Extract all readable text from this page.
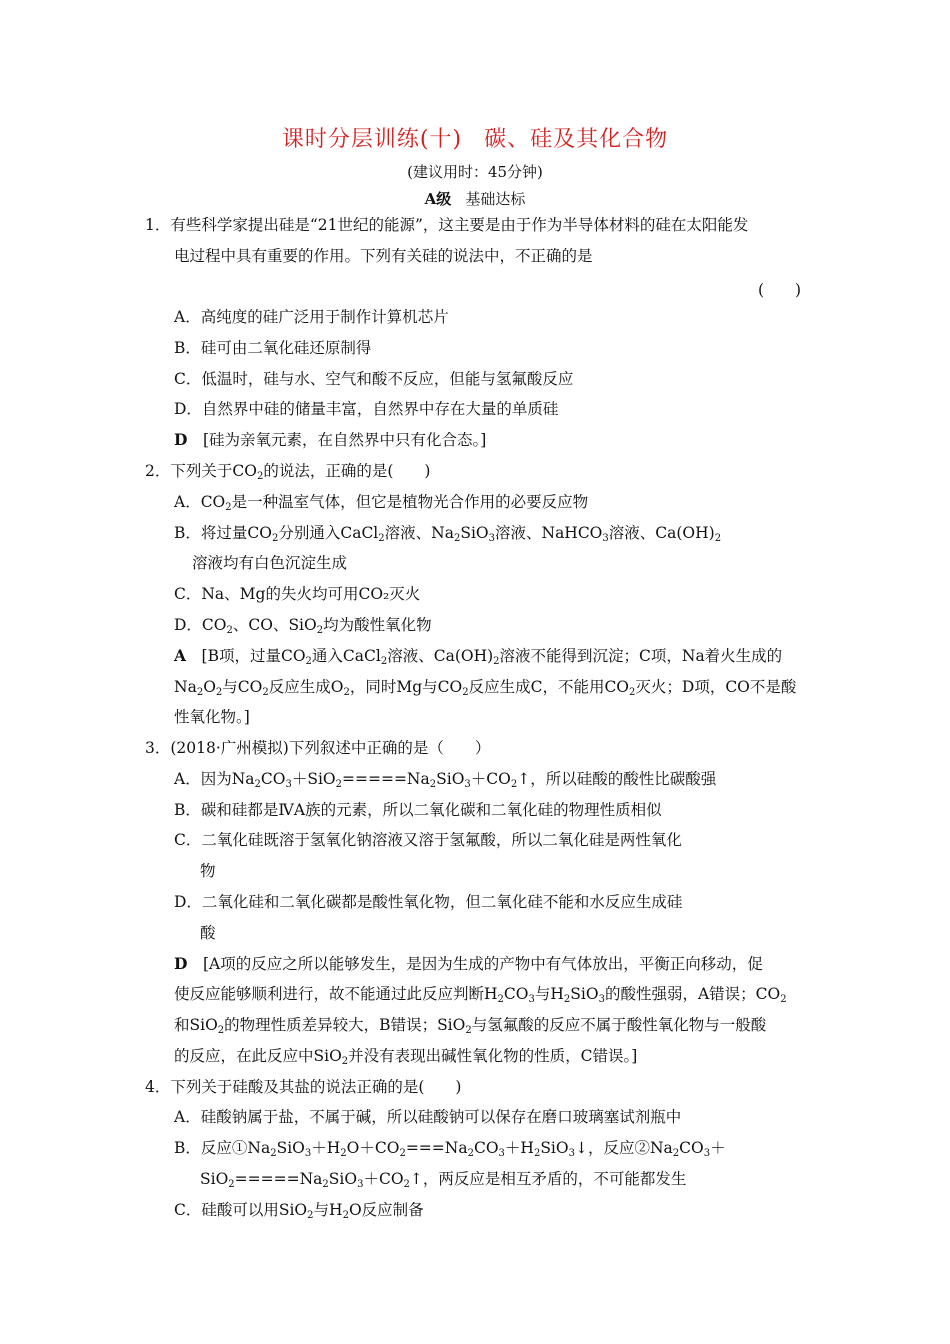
课时分层训练(十) 碳、硅及其化合物
(建议用时：45分钟)
A级 基础达标
1．有些科学家提出硅是“21世纪的能源”，这主要是由于作为半导体材料的硅在太阳能发
电过程中具有重要的作用。下列有关硅的说法中，不正确的是
(　　)
A．高纯度的硅广泛用于制作计算机芯片
B．硅可由二氧化硅还原制得
C．低温时，硅与水、空气和酸不反应，但能与氢氟酸反应
D．自然界中硅的储量丰富，自然界中存在大量的单质硅
D　 [硅为亲氧元素，在自然界中只有化合态。]
2．下列关于$CO_2$的说法，正确的是(　　)
A．$CO_2$是一种温室气体，但它是植物光合作用的必要反应物
B．将过量$CO_2$分别通入CaCl$_2$溶液、$Na_2SiO_3$溶液、NaHCO$_3$溶液、$Ca(OH)_2$
溶液均有白色沉淀生成
C．Na、Mg的失火均可用CO₂灭火
D．$CO_2$、CO、SiO$_2$均为酸性氧化物
A　[B项，过量$CO_2$通入CaCl$_2$溶液、$Ca(OH)_2$溶液不能得到沉淀；C项，Na着火生成的
$Na_2O_2$与$CO_2$反应生成$O_2$，同时Mg与$CO_2$反应生成C，不能用$CO_2$灭火；D项，CO不是酸
性氧化物。]
3．(2018·广州模拟)下列叙述中正确的是（　　）
A．因为$Na_2CO_3+SiO_2=====Na_2SiO_3+CO_2↑$，所以硅酸的酸性比碳酸强
B．碳和硅都是ⅣA族的元素，所以二氧化碳和二氧化硅的物理性质相似
C．二氧化硅既溶于氢氧化钠溶液又溶于氢氟酸，所以二氧化硅是两性氧化
物
D．二氧化硅和二氧化碳都是酸性氧化物，但二氧化硅不能和水反应生成硅
酸
D　[A项的反应之所以能够发生，是因为生成的产物中有气体放出，平衡正向移动，促
使反应能够顺利进行，故不能通过此反应判断$H_2CO_3$与$H_2SiO_3$的酸性强弱，A错误；$CO_2$
和SiO$_2$的物理性质差异较大，B错误；SiO$_2$与氢氟酸的反应不属于酸性氧化物与一般酸
的反应，在此反应中SiO$_2$并没有表现出碱性氧化物的性质，C错误。]
4．下列关于硅酸及其盐的说法正确的是(　　)
A．硅酸钠属于盐，不属于碱，所以硅酸钠可以保存在磨口玻璃塞试剂瓶中
B．反应$①Na_2SiO_3+H_2O+CO_2===Na_2CO_3+H_2SiO_3↓$，反应$②Na_2CO_3+$
$SiO_2=====Na_2SiO_3+CO_2↑$，两反应是相互矛盾的，不可能都发生
C．硅酸可以用SiO$_2$与$H_2O$反应制备
